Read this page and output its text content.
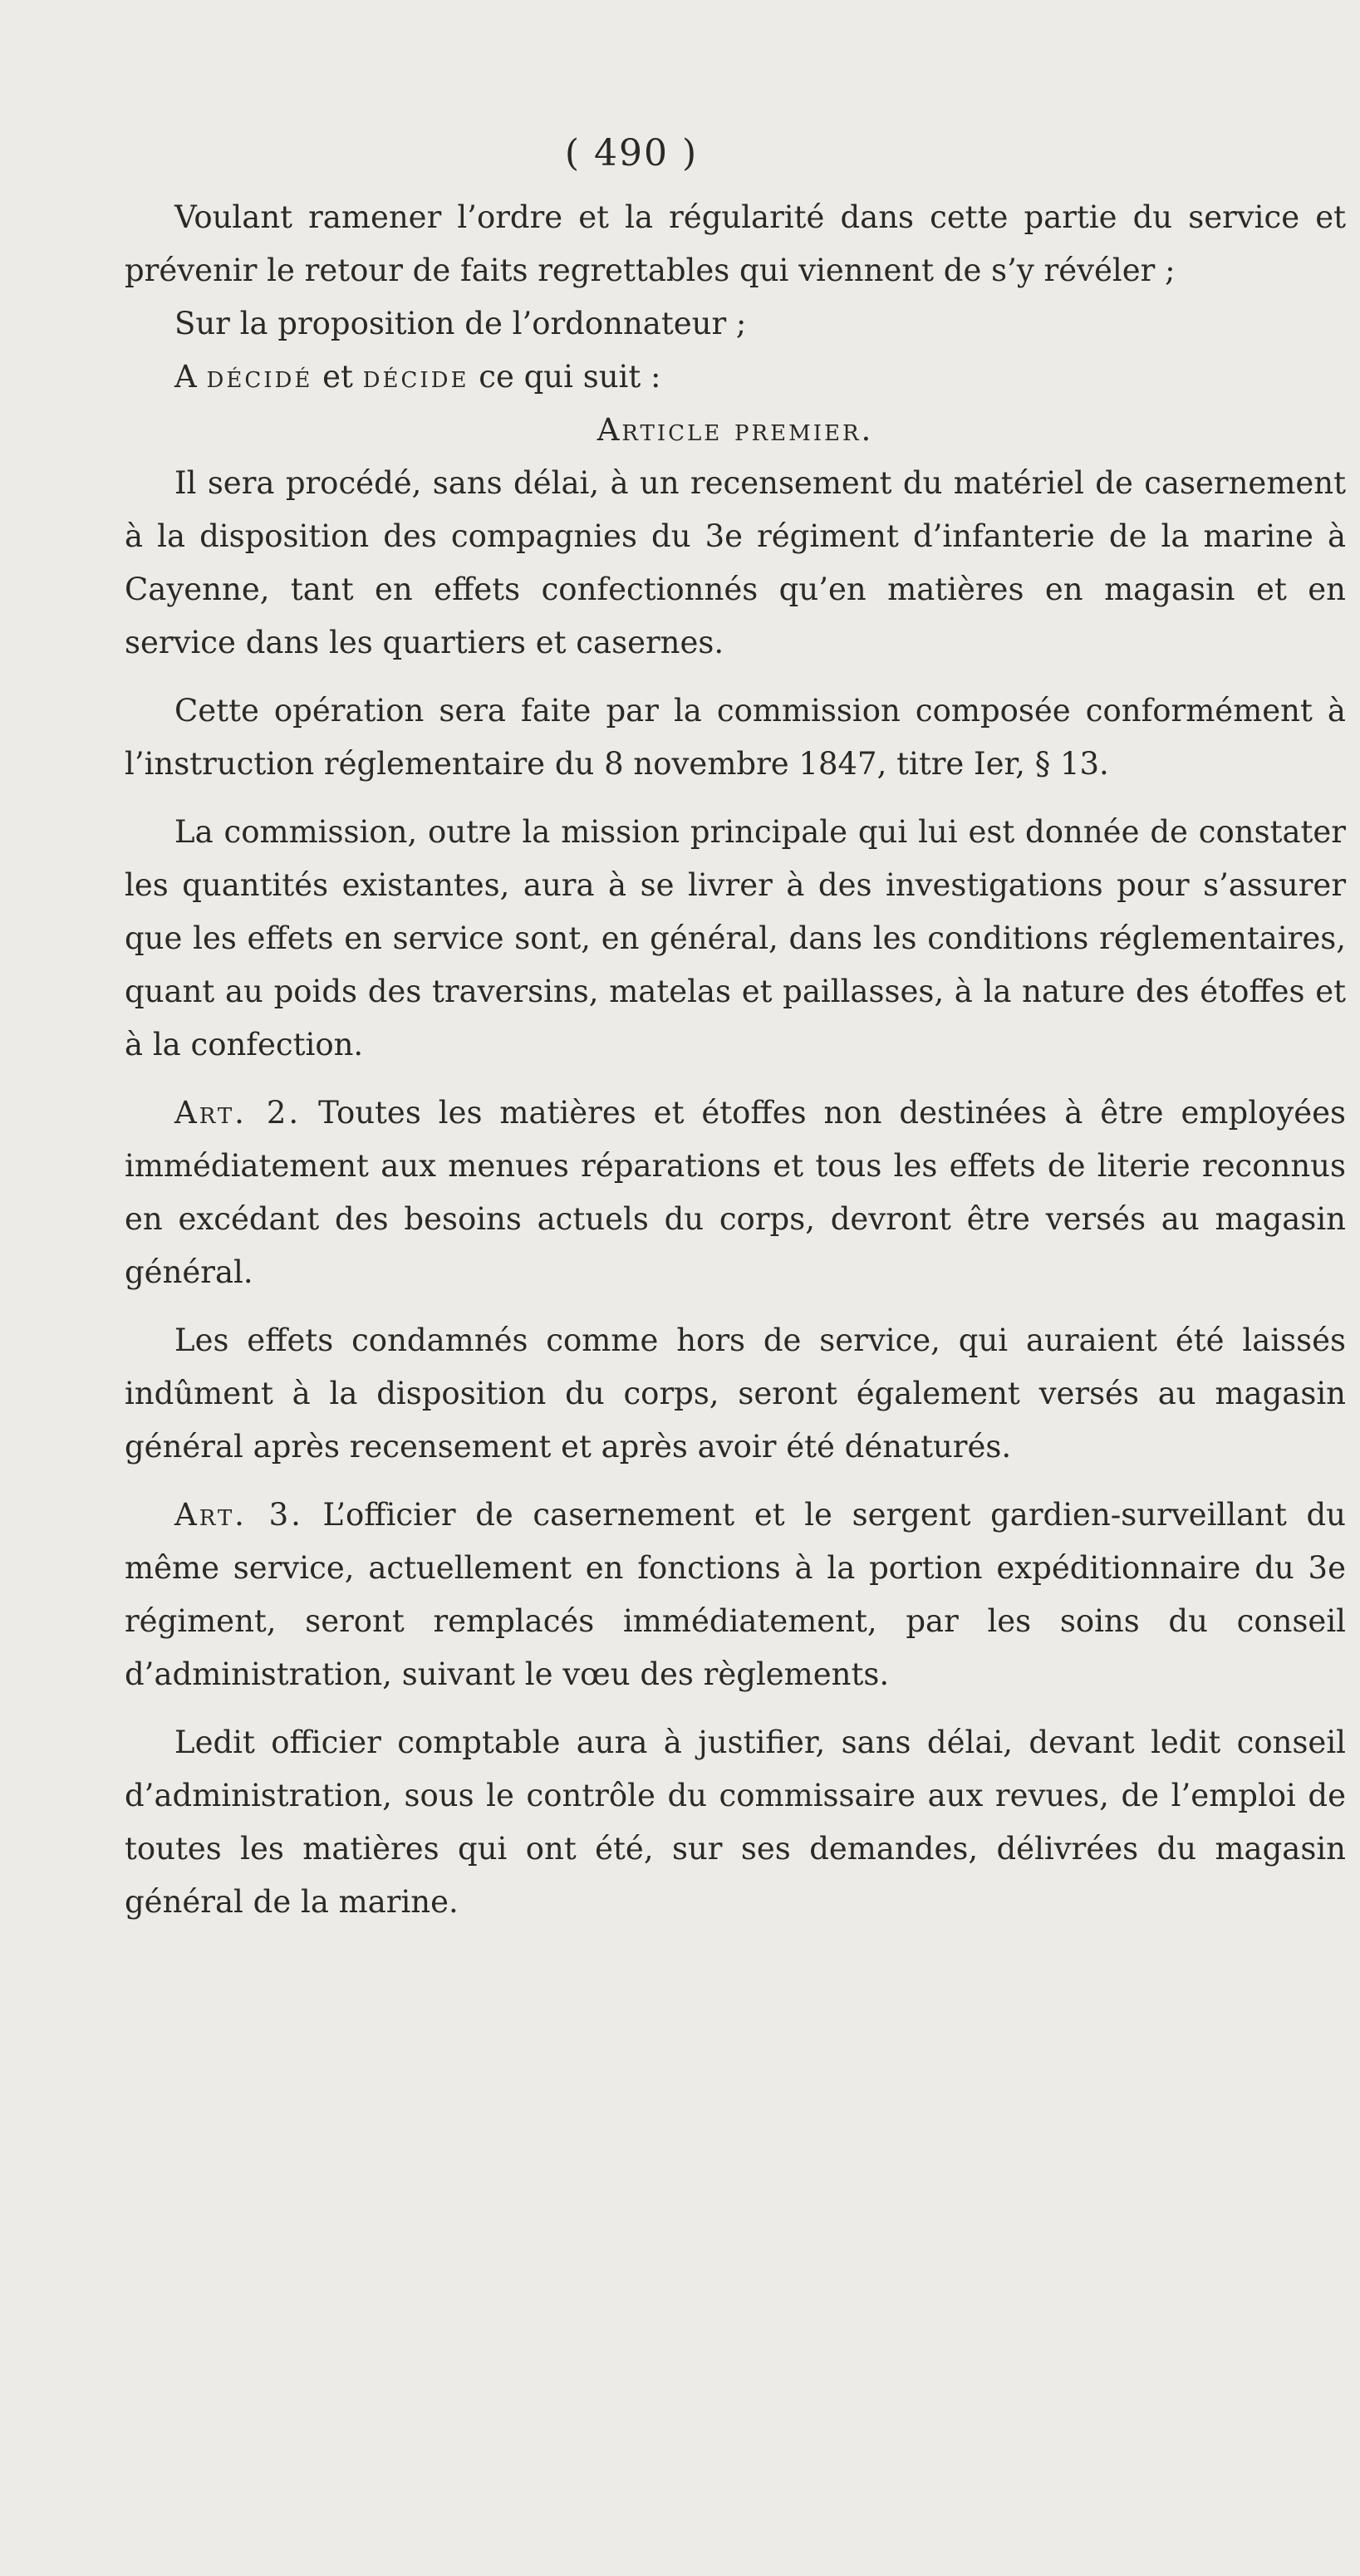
( 490 )

Voulant ramener l’ordre et la régularité dans cette partie du service et prévenir le retour de faits regrettables qui viennent de s’y révéler ;

Sur la proposition de l’ordonnateur ;

A décidé et décide ce qui suit :

Article premier.

Il sera procédé, sans délai, à un recensement du matériel de casernement à la disposition des compagnies du 3e régiment d’infanterie de la marine à Cayenne, tant en effets confectionnés qu’en matières en magasin et en service dans les quartiers et casernes.

Cette opération sera faite par la commission composée conformément à l’instruction réglementaire du 8 novembre 1847, titre Ier, § 13.

La commission, outre la mission principale qui lui est donnée de constater les quantités existantes, aura à se livrer à des investigations pour s’assurer que les effets en service sont, en général, dans les conditions réglementaires, quant au poids des traversins, matelas et paillasses, à la nature des étoffes et à la confection.

Art. 2. Toutes les matières et étoffes non destinées à être employées immédiatement aux menues réparations et tous les effets de literie reconnus en excédant des besoins actuels du corps, devront être versés au magasin général.

Les effets condamnés comme hors de service, qui auraient été laissés indûment à la disposition du corps, seront également versés au magasin général après recensement et après avoir été dénaturés.

Art. 3. L’officier de casernement et le sergent gardien-surveillant du même service, actuellement en fonctions à la portion expéditionnaire du 3e régiment, seront remplacés immédiatement, par les soins du conseil d’administration, suivant le vœu des règlements.

Ledit officier comptable aura à justifier, sans délai, devant ledit conseil d’administration, sous le contrôle du commissaire aux revues, de l’emploi de toutes les matières qui ont été, sur ses demandes, délivrées du magasin général de la marine.
